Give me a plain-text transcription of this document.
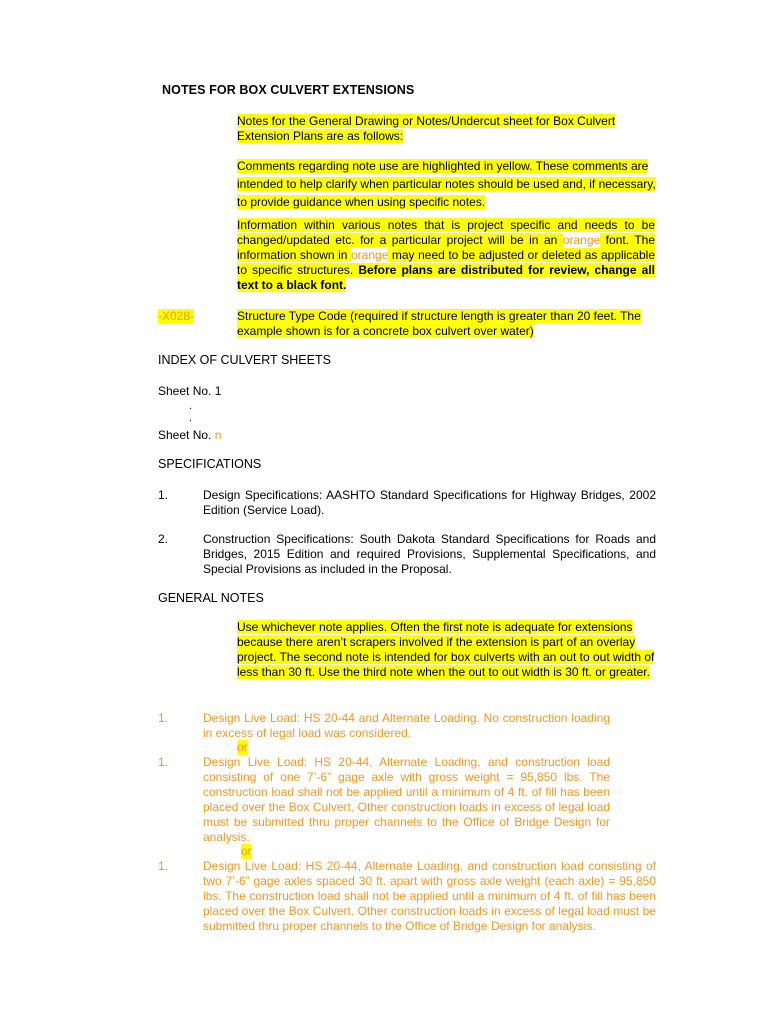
NOTES FOR BOX CULVERT EXTENSIONS
Notes for the General Drawing or Notes/Undercut sheet for Box Culvert Extension Plans are as follows:
Comments regarding note use are highlighted in yellow. These comments are intended to help clarify when particular notes should be used and, if necessary, to provide guidance when using specific notes.
Information within various notes that is project specific and needs to be changed/updated etc. for a particular project will be in an orange font. The information shown in orange may need to be adjusted or deleted as applicable to specific structures. Before plans are distributed for review, change all text to a black font.
-X028-	Structure Type Code (required if structure length is greater than 20 feet. The example shown is for a concrete box culvert over water)
INDEX OF CULVERT SHEETS
Sheet No. 1
.
.
Sheet No. n
SPECIFICATIONS
1.	Design Specifications: AASHTO Standard Specifications for Highway Bridges, 2002 Edition (Service Load).
2.	Construction Specifications: South Dakota Standard Specifications for Roads and Bridges, 2015 Edition and required Provisions, Supplemental Specifications, and Special Provisions as included in the Proposal.
GENERAL NOTES
Use whichever note applies. Often the first note is adequate for extensions because there aren’t scrapers involved if the extension is part of an overlay project. The second note is intended for box culverts with an out to out width of less than 30 ft. Use the third note when the out to out width is 30 ft. or greater.
1.	Design Live Load: HS 20-44 and Alternate Loading. No construction loading in excess of legal load was considered.
or
1.	Design Live Load: HS 20-44, Alternate Loading, and construction load consisting of one 7’-6” gage axle with gross weight = 95,850 lbs. The construction load shall not be applied until a minimum of 4 ft. of fill has been placed over the Box Culvert. Other construction loads in excess of legal load must be submitted thru proper channels to the Office of Bridge Design for analysis.
or
1.	Design Live Load: HS 20-44, Alternate Loading, and construction load consisting of two 7’-6” gage axles spaced 30 ft. apart with gross axle weight (each axle) = 95,850 lbs. The construction load shall not be applied until a minimum of 4 ft. of fill has been placed over the Box Culvert. Other construction loads in excess of legal load must be submitted thru proper channels to the Office of Bridge Design for analysis.
